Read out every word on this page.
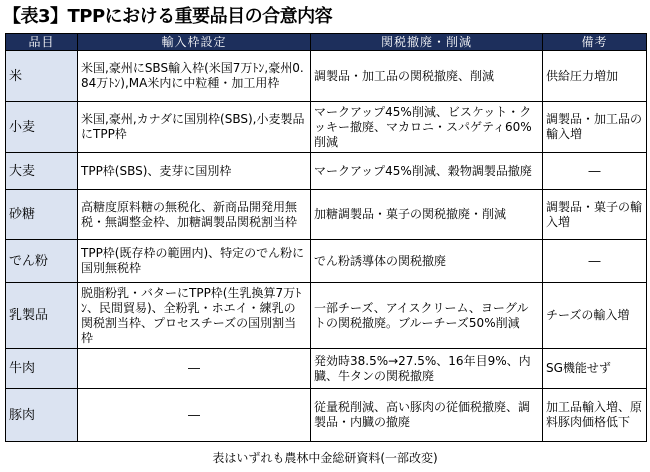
【表3】TPPにおける重要品目の合意内容
品目	輸入枠設定	関税撤廃・削減	備考
米	米国,豪州にSBS輸入枠(米国7万ﾄﾝ,豪州0.84万ﾄﾝ),MA米内に中粒種・加工用枠	調製品・加工品の関税撤廃、削減	供給圧力増加
小麦	米国,豪州,カナダに国別枠(SBS),小麦製品にTPP枠	マークアップ45%削減、ビスケット・クッキー撤廃、マカロニ・スパゲティ60%削減	調製品・加工品の輸入増
大麦	TPP枠(SBS)、麦芽に国別枠	マークアップ45%削減、穀物調製品撤廃	―
砂糖	高糖度原料糖の無税化、新商品開発用無税・無調整金枠、加糖調製品関税割当枠	加糖調製品・菓子の関税撤廃・削減	調製品・菓子の輸入増
でん粉	TPP枠(既存枠の範囲内)、特定のでん粉に国別無税枠	でん粉誘導体の関税撤廃	―
乳製品	脱脂粉乳・バターにTPP枠(生乳換算7万ﾄﾝ、民間貿易)、全粉乳・ホエイ・練乳の関税割当枠、プロセスチーズの国別割当枠	一部チーズ、アイスクリーム、ヨーグルトの関税撤廃。ブルーチーズ50%削減	チーズの輸入増
牛肉	―	発効時38.5%→27.5%、16年目9%、内臓、牛タンの関税撤廃	SG機能せず
豚肉	―	従量税削減、高い豚肉の従価税撤廃、調製品・内臓の撤廃	加工品輸入増、原料豚肉価格低下
表はいずれも農林中金総研資料(一部改変)
